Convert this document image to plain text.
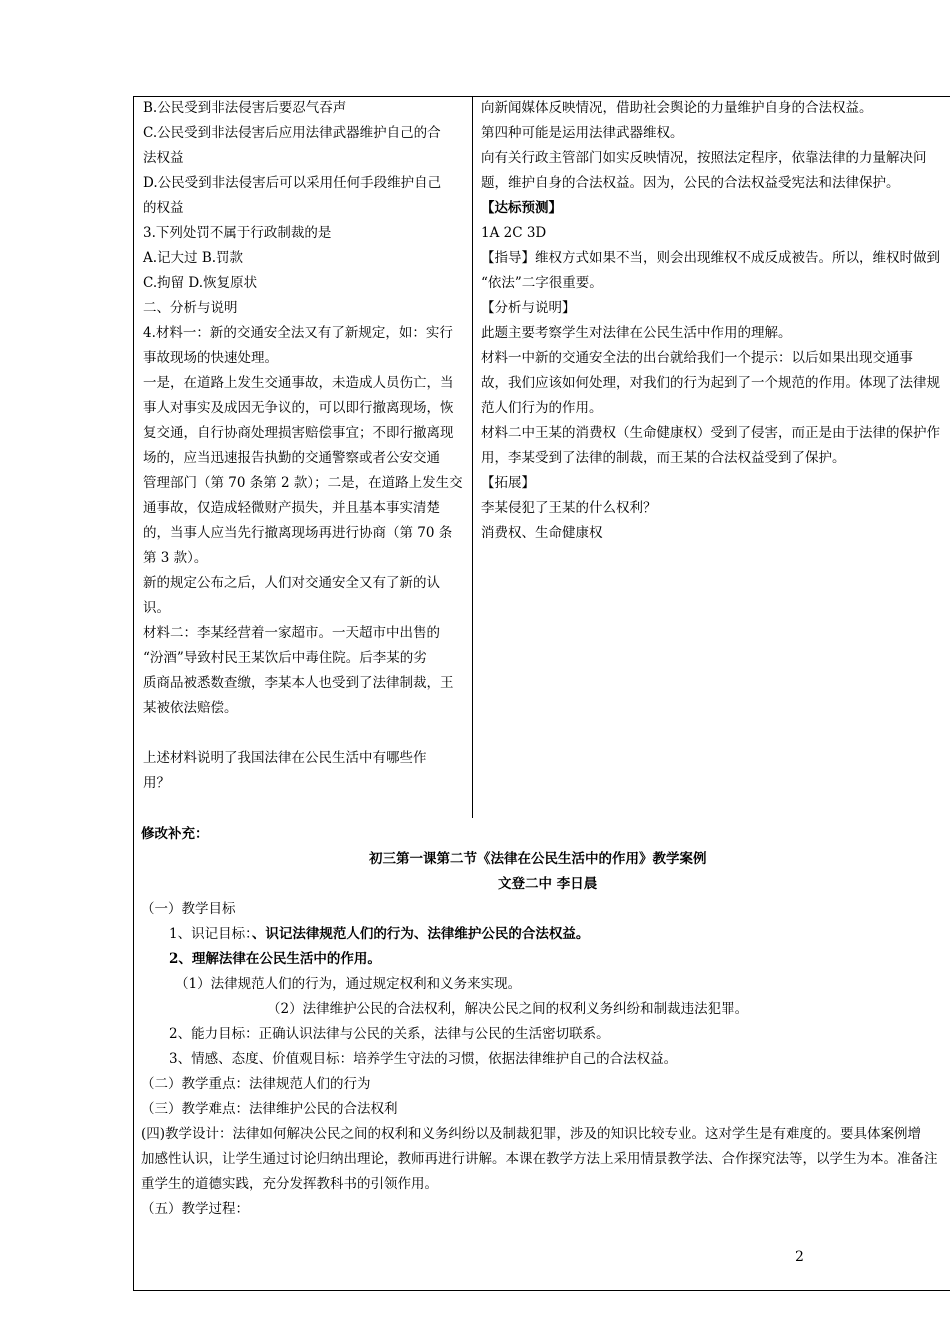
B.公民受到非法侵害后要忍气吞声
C.公民受到非法侵害后应用法律武器维护自己的合
法权益
D.公民受到非法侵害后可以采用任何手段维护自己
的权益
3.下列处罚不属于行政制裁的是
A.记大过 B.罚款
C.拘留 D.恢复原状
二、分析与说明
4.材料一：新的交通安全法又有了新规定，如：实行
事故现场的快速处理。
一是，在道路上发生交通事故，未造成人员伤亡，当
事人对事实及成因无争议的，可以即行撤离现场，恢
复交通，自行协商处理损害赔偿事宜；不即行撤离现
场的，应当迅速报告执勤的交通警察或者公安交通
管理部门（第 70 条第 2 款）；二是，在道路上发生交
通事故，仅造成轻微财产损失，并且基本事实清楚
的，当事人应当先行撤离现场再进行协商（第 70 条
第 3 款）。
新的规定公布之后，人们对交通安全又有了新的认
识。
材料二：李某经营着一家超市。一天超市中出售的
“汾酒”导致村民王某饮后中毒住院。后李某的劣
质商品被悉数查缴，李某本人也受到了法律制裁，王
某被依法赔偿。
上述材料说明了我国法律在公民生活中有哪些作
用？
向新闻媒体反映情况，借助社会舆论的力量维护自身的合法权益。
第四种可能是运用法律武器维权。
向有关行政主管部门如实反映情况，按照法定程序，依靠法律的力量解决问
题，维护自身的合法权益。因为，公民的合法权益受宪法和法律保护。
【达标预测】
1A 2C 3D
【指导】维权方式如果不当，则会出现维权不成反成被告。所以，维权时做到
“依法”二字很重要。
【分析与说明】
此题主要考察学生对法律在公民生活中作用的理解。
材料一中新的交通安全法的出台就给我们一个提示：以后如果出现交通事
故，我们应该如何处理，对我们的行为起到了一个规范的作用。体现了法律规
范人们行为的作用。
材料二中王某的消费权（生命健康权）受到了侵害，而正是由于法律的保护作
用，李某受到了法律的制裁，而王某的合法权益受到了保护。
【拓展】
李某侵犯了王某的什么权利？
消费权、生命健康权
修改补充：
初三第一课第二节《法律在公民生活中的作用》教学案例
文登二中 李日晨
（一）教学目标
1、识记目标：、识记法律规范人们的行为、法律维护公民的合法权益。
2、理解法律在公民生活中的作用。
（1）法律规范人们的行为，通过规定权利和义务来实现。
（2）法律维护公民的合法权利，解决公民之间的权利义务纠纷和制裁违法犯罪。
2、能力目标：正确认识法律与公民的关系，法律与公民的生活密切联系。
3、情感、态度、价值观目标：培养学生守法的习惯，依据法律维护自己的合法权益。
（二）教学重点：法律规范人们的行为
（三）教学难点：法律维护公民的合法权利
(四)教学设计：法律如何解决公民之间的权利和义务纠纷以及制裁犯罪，涉及的知识比较专业。这对学生是有难度的。要具体案例增
加感性认识，让学生通过讨论归纳出理论，教师再进行讲解。本课在教学方法上采用情景教学法、合作探究法等，以学生为本。准备注
重学生的道德实践，充分发挥教科书的引领作用。
（五）教学过程：
2
